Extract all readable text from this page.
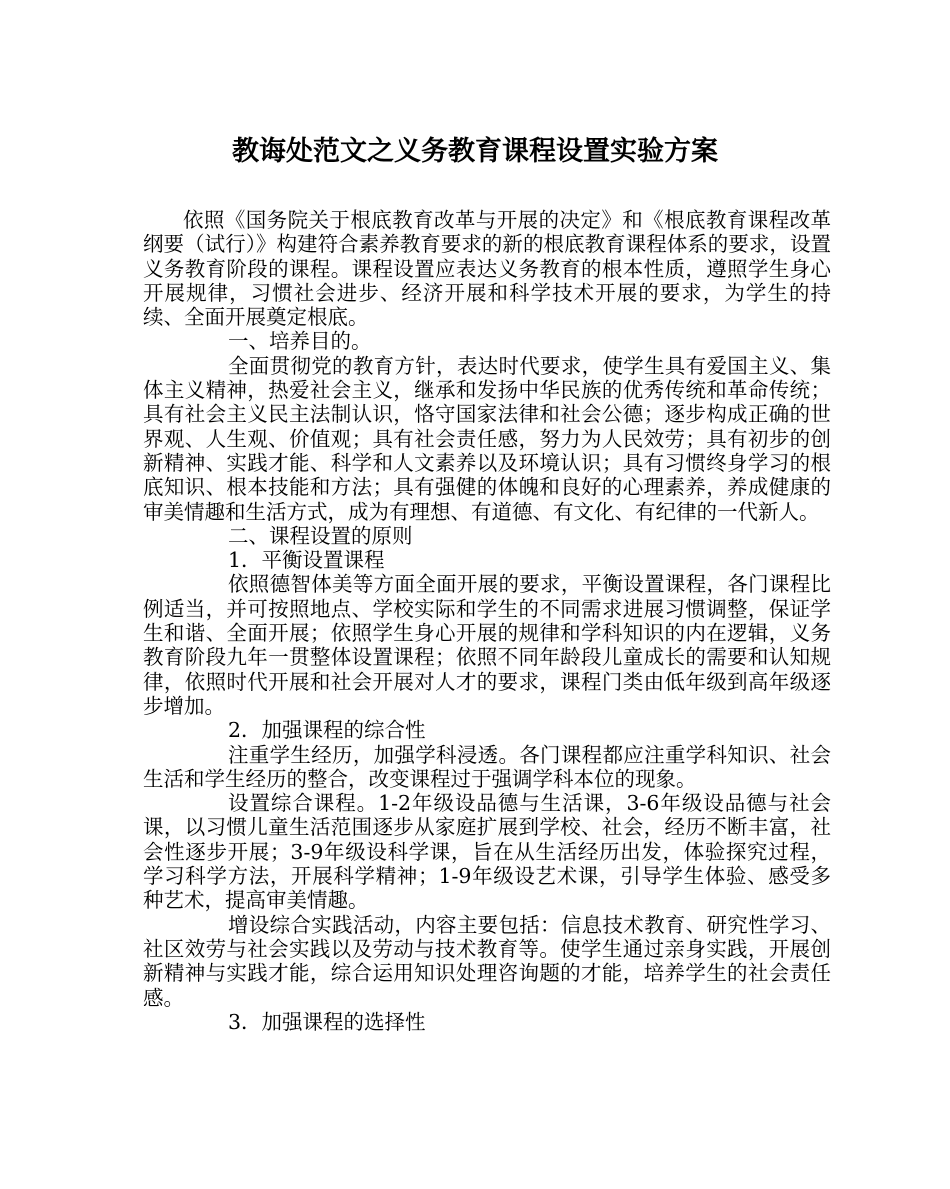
教诲处范文之义务教育课程设置实验方案

依照《国务院关于根底教育改革与开展的决定》和《根底教育课程改革纲要（试行）》构建符合素养教育要求的新的根底教育课程体系的要求，设置义务教育阶段的课程。课程设置应表达义务教育的根本性质，遵照学生身心开展规律，习惯社会进步、经济开展和科学技术开展的要求，为学生的持续、全面开展奠定根底。

一、培养目的。

全面贯彻党的教育方针，表达时代要求，使学生具有爱国主义、集体主义精神，热爱社会主义，继承和发扬中华民族的优秀传统和革命传统；具有社会主义民主法制认识，恪守国家法律和社会公德；逐步构成正确的世界观、人生观、价值观；具有社会责任感，努力为人民效劳；具有初步的创新精神、实践才能、科学和人文素养以及环境认识；具有习惯终身学习的根底知识、根本技能和方法；具有强健的体魄和良好的心理素养，养成健康的审美情趣和生活方式，成为有理想、有道德、有文化、有纪律的一代新人。

二、课程设置的原则

1．平衡设置课程

依照德智体美等方面全面开展的要求，平衡设置课程，各门课程比例适当，并可按照地点、学校实际和学生的不同需求进展习惯调整，保证学生和谐、全面开展；依照学生身心开展的规律和学科知识的内在逻辑，义务教育阶段九年一贯整体设置课程；依照不同年龄段儿童成长的需要和认知规律，依照时代开展和社会开展对人才的要求，课程门类由低年级到高年级逐步增加。

2．加强课程的综合性

注重学生经历，加强学科浸透。各门课程都应注重学科知识、社会生活和学生经历的整合，改变课程过于强调学科本位的现象。

设置综合课程。1-2年级设品德与生活课，3-6年级设品德与社会课，以习惯儿童生活范围逐步从家庭扩展到学校、社会，经历不断丰富，社会性逐步开展；3-9年级设科学课，旨在从生活经历出发，体验探究过程，学习科学方法，开展科学精神；1-9年级设艺术课，引导学生体验、感受多种艺术，提高审美情趣。

增设综合实践活动，内容主要包括：信息技术教育、研究性学习、社区效劳与社会实践以及劳动与技术教育等。使学生通过亲身实践，开展创新精神与实践才能，综合运用知识处理咨询题的才能，培养学生的社会责任感。

3．加强课程的选择性
